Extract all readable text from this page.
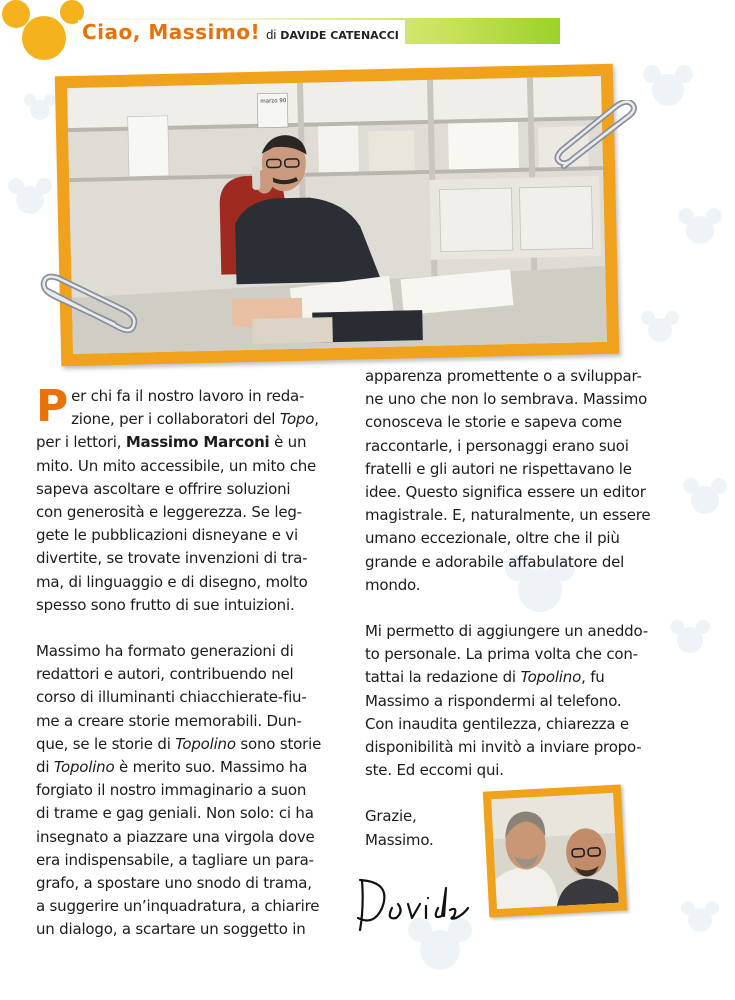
Ciao, Massimo! di DAVIDE CATENACCI
marzo 90
P er chi fa il nostro lavoro in reda-
zione, per i collaboratori del Topo,
per i lettori, Massimo Marconi è un
mito. Un mito accessibile, un mito che
sapeva ascoltare e offrire soluzioni
con generosità e leggerezza. Se leg-
gete le pubblicazioni disneyane e vi
divertite, se trovate invenzioni di tra-
ma, di linguaggio e di disegno, molto
spesso sono frutto di sue intuizioni.
Massimo ha formato generazioni di
redattori e autori, contribuendo nel
corso di illuminanti chiacchierate-fiu-
me a creare storie memorabili. Dun-
que, se le storie di Topolino sono storie
di Topolino è merito suo. Massimo ha
forgiato il nostro immaginario a suon
di trame e gag geniali. Non solo: ci ha
insegnato a piazzare una virgola dove
era indispensabile, a tagliare un para-
grafo, a spostare uno snodo di trama,
a suggerire un’inquadratura, a chiarire
un dialogo, a scartare un soggetto in
apparenza promettente o a sviluppar-
ne uno che non lo sembrava. Massimo
conosceva le storie e sapeva come
raccontarle, i personaggi erano suoi
fratelli e gli autori ne rispettavano le
idee. Questo significa essere un editor
magistrale. E, naturalmente, un essere
umano eccezionale, oltre che il più
grande e adorabile affabulatore del
mondo.
Mi permetto di aggiungere un aneddo-
to personale. La prima volta che con-
tattai la redazione di Topolino, fu
Massimo a rispondermi al telefono.
Con inaudita gentilezza, chiarezza e
disponibilità mi invitò a inviare propo-
ste. Ed eccomi qui.
Grazie,
Massimo.
